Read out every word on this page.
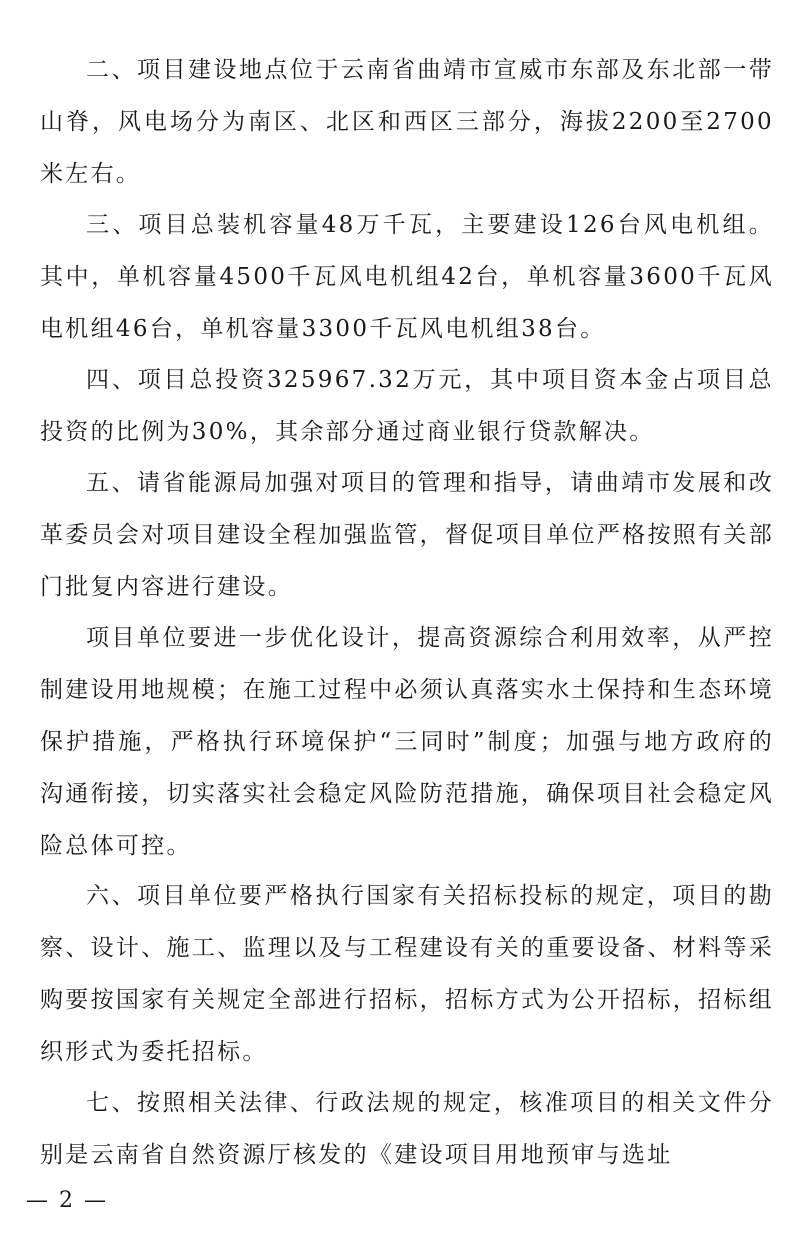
二、项目建设地点位于云南省曲靖市宣威市东部及东北部一带山脊，风电场分为南区、北区和西区三部分，海拔2200至2700米左右。

三、项目总装机容量48万千瓦，主要建设126台风电机组。其中，单机容量4500千瓦风电机组42台，单机容量3600千瓦风电机组46台，单机容量3300千瓦风电机组38台。

四、项目总投资325967.32万元，其中项目资本金占项目总投资的比例为30%，其余部分通过商业银行贷款解决。

五、请省能源局加强对项目的管理和指导，请曲靖市发展和改革委员会对项目建设全程加强监管，督促项目单位严格按照有关部门批复内容进行建设。

项目单位要进一步优化设计，提高资源综合利用效率，从严控制建设用地规模；在施工过程中必须认真落实水土保持和生态环境保护措施，严格执行环境保护“三同时”制度；加强与地方政府的沟通衔接，切实落实社会稳定风险防范措施，确保项目社会稳定风险总体可控。

六、项目单位要严格执行国家有关招标投标的规定，项目的勘察、设计、施工、监理以及与工程建设有关的重要设备、材料等采购要按国家有关规定全部进行招标，招标方式为公开招标，招标组织形式为委托招标。

七、按照相关法律、行政法规的规定，核准项目的相关文件分别是云南省自然资源厅核发的《建设项目用地预审与选址

— 2 —
